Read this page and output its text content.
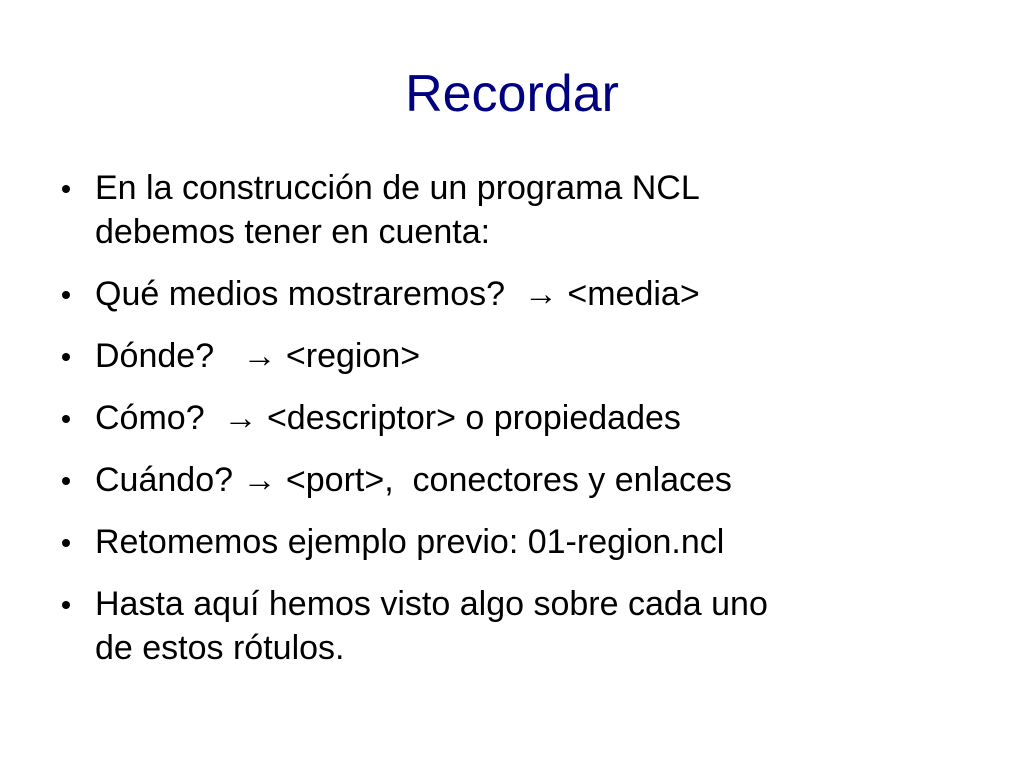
Recordar
En la construcción de un programa NCL
debemos tener en cuenta:
Qué medios mostraremos?  → <media>
Dónde?   → <region>
Cómo?  → <descriptor> o propiedades
Cuándo? → <port>,  conectores y enlaces
Retomemos ejemplo previo: 01-region.ncl
Hasta aquí hemos visto algo sobre cada uno
de estos rótulos.
